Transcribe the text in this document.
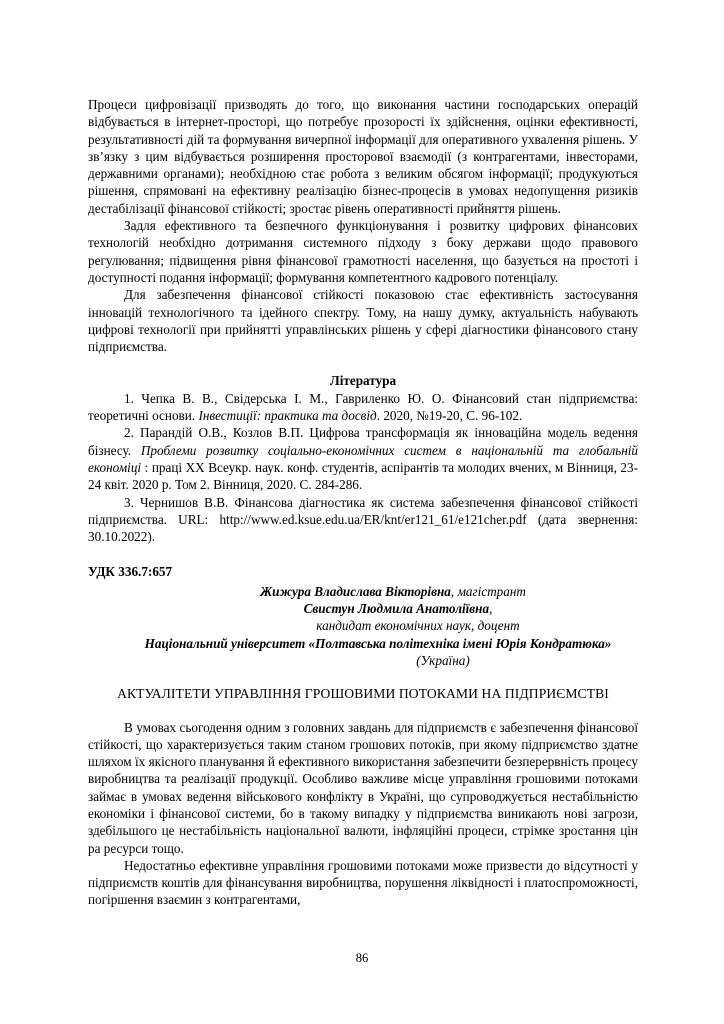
Процеси цифровізації призводять до того, що виконання частини господарських операцій відбувається в інтернет-просторі, що потребує прозорості їх здійснення, оцінки ефективності, результативності дій та формування вичерпної інформації для оперативного ухвалення рішень. У зв’язку з цим відбувається розширення просторової взаємодії (з контрагентами, інвесторами, державними органами); необхідною стає робота з великим обсягом інформації; продукуються рішення, спрямовані на ефективну реалізацію бізнес-процесів в умовах недопущення ризиків дестабілізації фінансової стійкості; зростає рівень оперативності прийняття рішень.

Задля ефективного та безпечного функціонування і розвитку цифрових фінансових технологій необхідно дотримання системного підходу з боку держави щодо правового регулювання; підвищення рівня фінансової грамотності населення, що базується на простоті і доступності подання інформації; формування компетентного кадрового потенціалу.

Для забезпечення фінансової стійкості показовою стає ефективність застосування інновацій технологічного та ідейного спектру. Тому, на нашу думку, актуальність набувають цифрові технології при прийнятті управлінських рішень у сфері діагностики фінансового стану підприємства.

Література

1. Чепка В. В., Свідерська І. М., Гавриленко Ю. О. Фінансовий стан підприємства: теоретичні основи. Інвестиції: практика та досвід. 2020, №19-20, С. 96-102.

2. Парандій О.В., Козлов В.П. Цифрова трансформація як інноваційна модель ведення бізнесу. Проблеми розвитку соціально-економічних систем в національній та глобальній економіці : праці ХХ Всеукр. наук. конф. студентів, аспірантів та молодих вчених, м Вінниця, 23-24 квіт. 2020 р. Том 2. Вінниця, 2020. С. 284-286.

3. Чернишов В.В. Фінансова діагностика як система забезпечення фінансової стійкості підприємства. URL: http://www.ed.ksue.edu.ua/ER/knt/er121_61/e121cher.pdf (дата звернення: 30.10.2022).

УДК 336.7:657

Жижура Владислава Вікторівна, магістрант
Свистун Людмила Анатоліївна,
кандидат економічних наук, доцент
Національний університет «Полтавська політехніка імені Юрія Кондратюка»
(Україна)

АКТУАЛІТЕТИ УПРАВЛІННЯ ГРОШОВИМИ ПОТОКАМИ НА ПІДПРИЄМСТВІ

В умовах сьогодення одним з головних завдань для підприємств є забезпечення фінансової стійкості, що характеризується таким станом грошових потоків, при якому підприємство здатне шляхом їх якісного планування й ефективного використання забезпечити безперервність процесу виробництва та реалізації продукції. Особливо важливе місце управління грошовими потоками займає в умовах ведення військового конфлікту в Україні, що супроводжується нестабільністю економіки і фінансової системи, бо в такому випадку у підприємства виникають нові загрози, здебільшого це нестабільність національної валюти, інфляційні процеси, стрімке зростання цін ра ресурси тощо.

Недостатньо ефективне управління грошовими потоками може призвести до відсутності у підприємств коштів для фінансування виробництва, порушення ліквідності і платоспроможності, погіршення взаємин з контрагентами,

86
